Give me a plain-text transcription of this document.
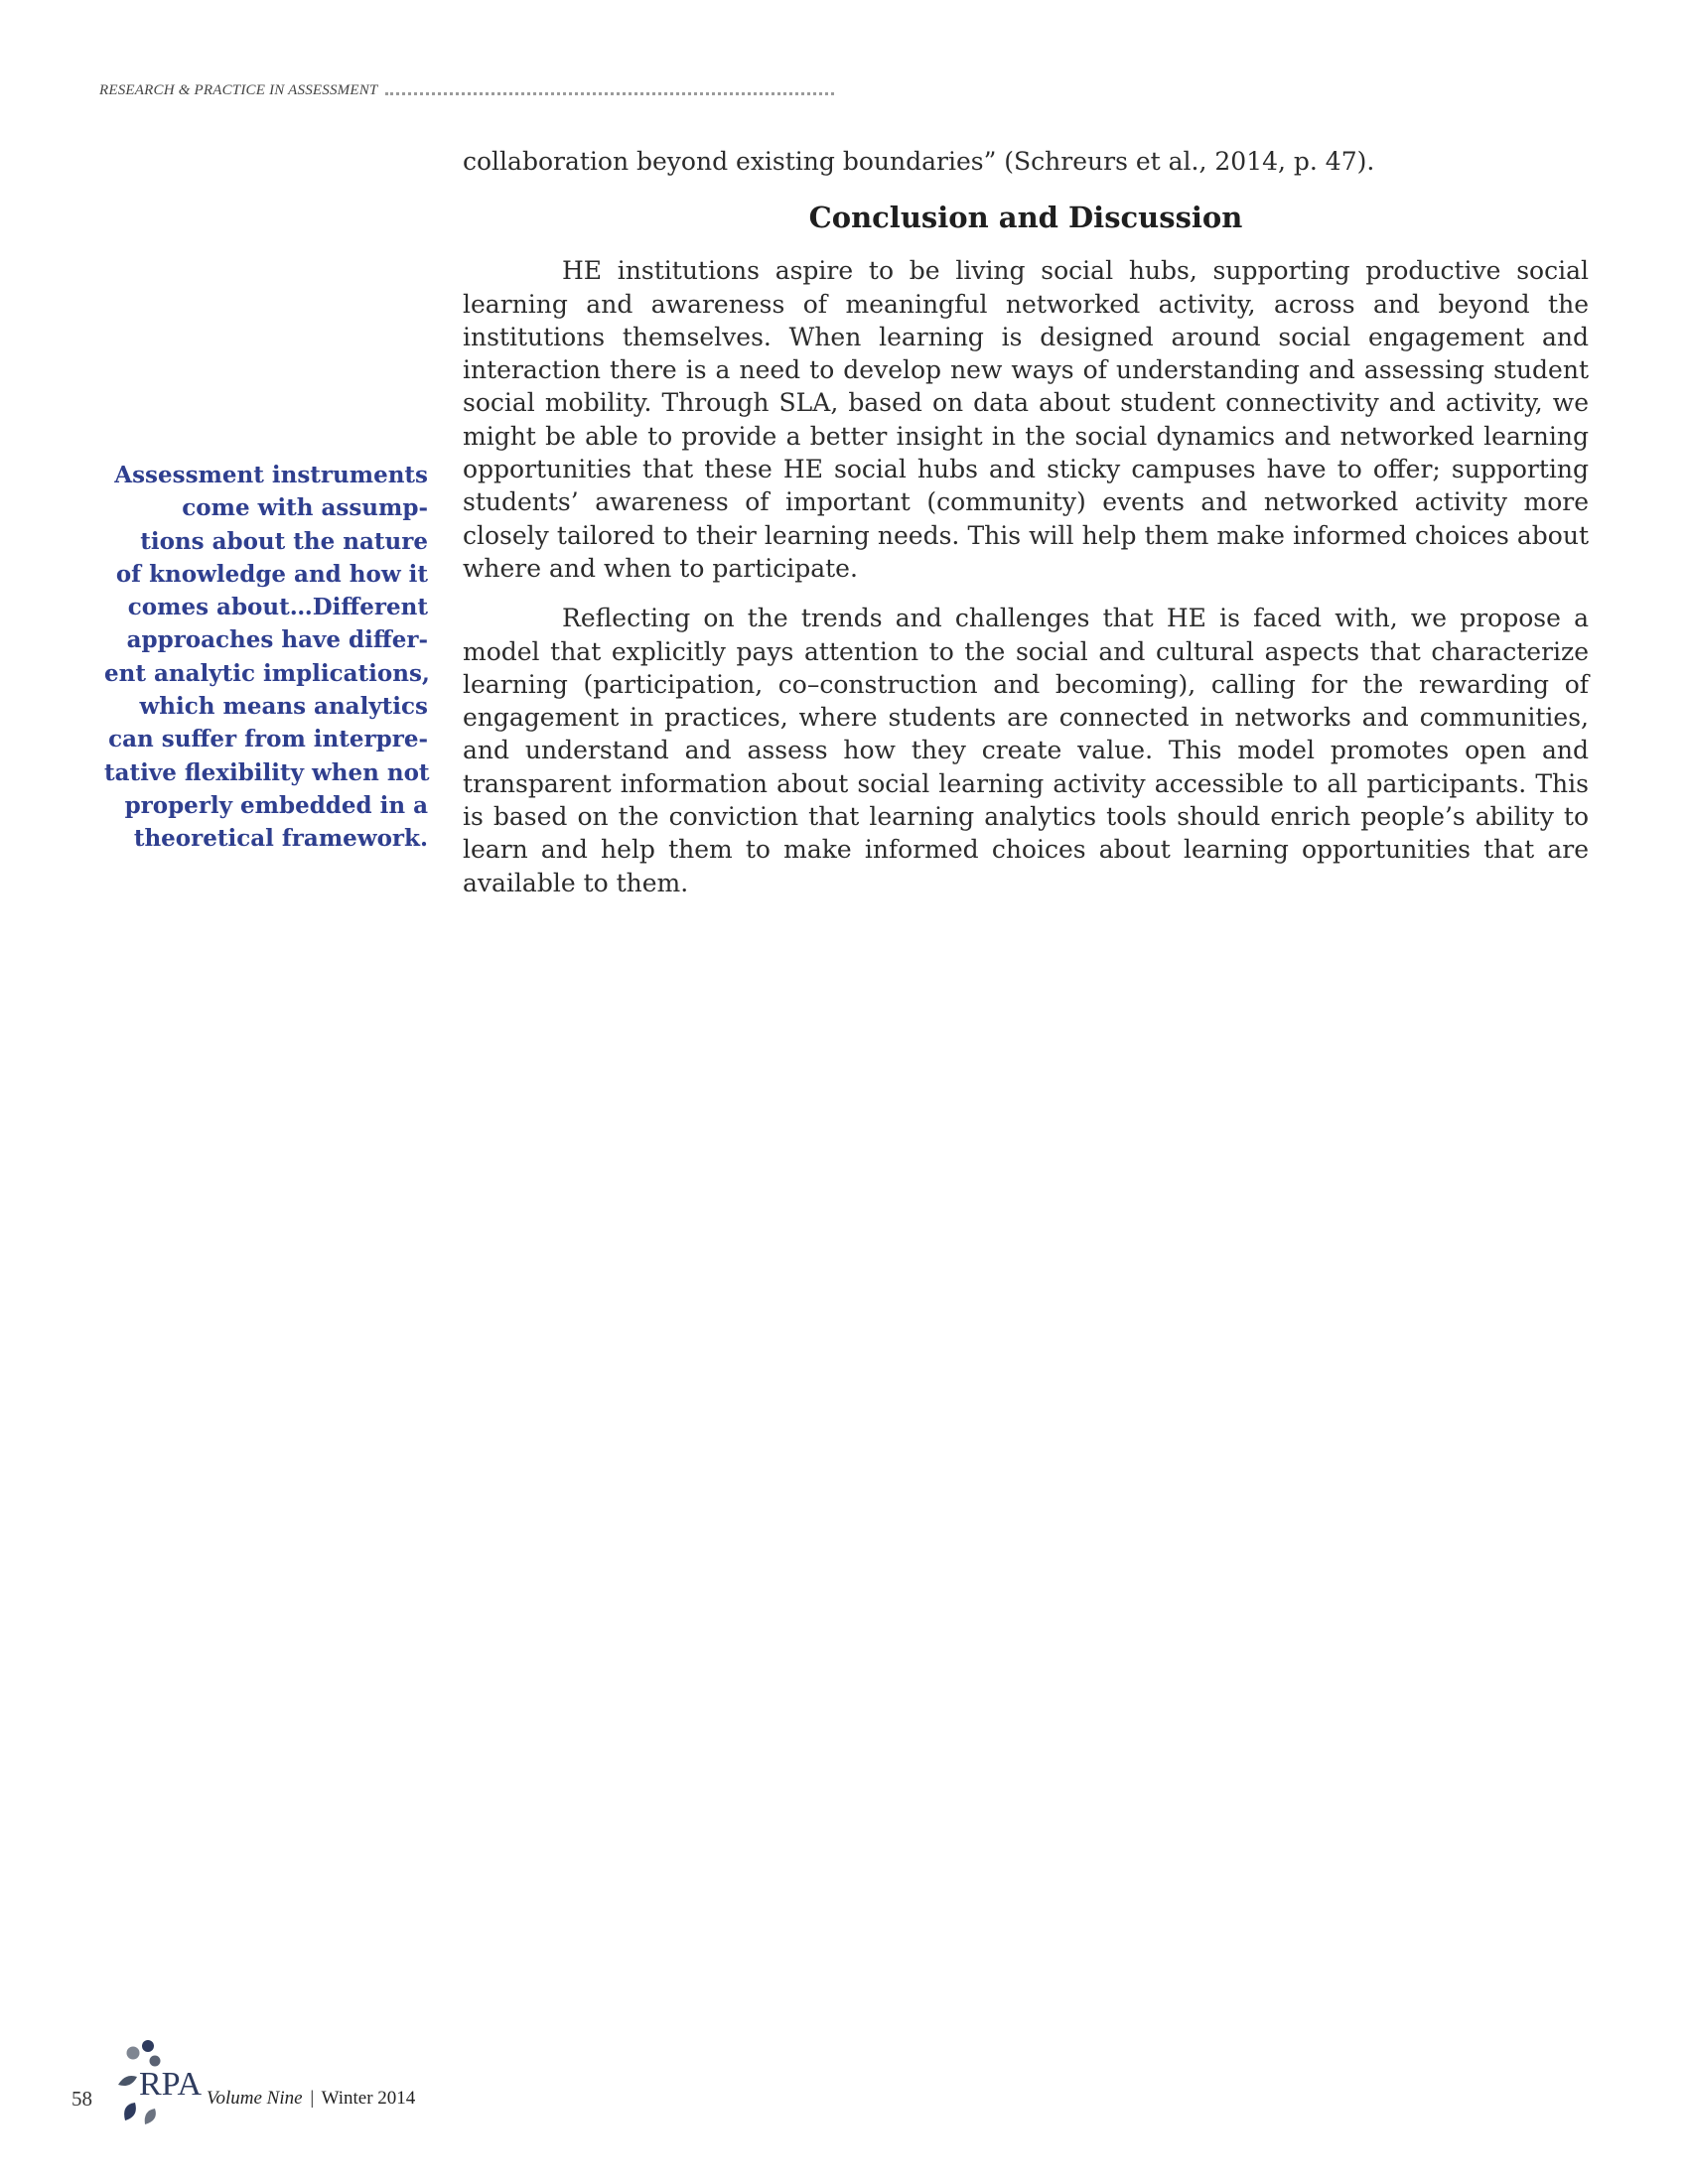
RESEARCH & PRACTICE IN ASSESSMENT
Assessment instruments
come with assump-
tions about the nature
of knowledge and how it
comes about…Different
approaches have differ-
ent analytic implications,
which means analytics
can suffer from interpre-
tative flexibility when not
properly embedded in a
theoretical framework.

collaboration beyond existing boundaries” (Schreurs et al., 2014, p. 47).

Conclusion and Discussion

HE institutions aspire to be living social hubs, supporting productive social learning and awareness of meaningful networked activity, across and beyond the institutions themselves. When learning is designed around social engagement and interaction there is a need to develop new ways of understanding and assessing student social mobility. Through SLA, based on data about student connectivity and activity, we might be able to provide a better insight in the social dynamics and networked learning opportunities that these HE social hubs and sticky campuses have to offer; supporting students’ awareness of important (community) events and networked activity more closely tailored to their learning needs. This will help them make informed choices about where and when to participate.

Reflecting on the trends and challenges that HE is faced with, we propose a model that explicitly pays attention to the social and cultural aspects that characterize learning (participation, co–construction and becoming), calling for the rewarding of engagement in practices, where students are connected in networks and communities, and understand and assess how they create value. This model promotes open and transparent information about social learning activity accessible to all participants. This is based on the conviction that learning analytics tools should enrich people’s ability to learn and help them to make informed choices about learning opportunities that are available to them.

58 RPA Volume Nine | Winter 2014
